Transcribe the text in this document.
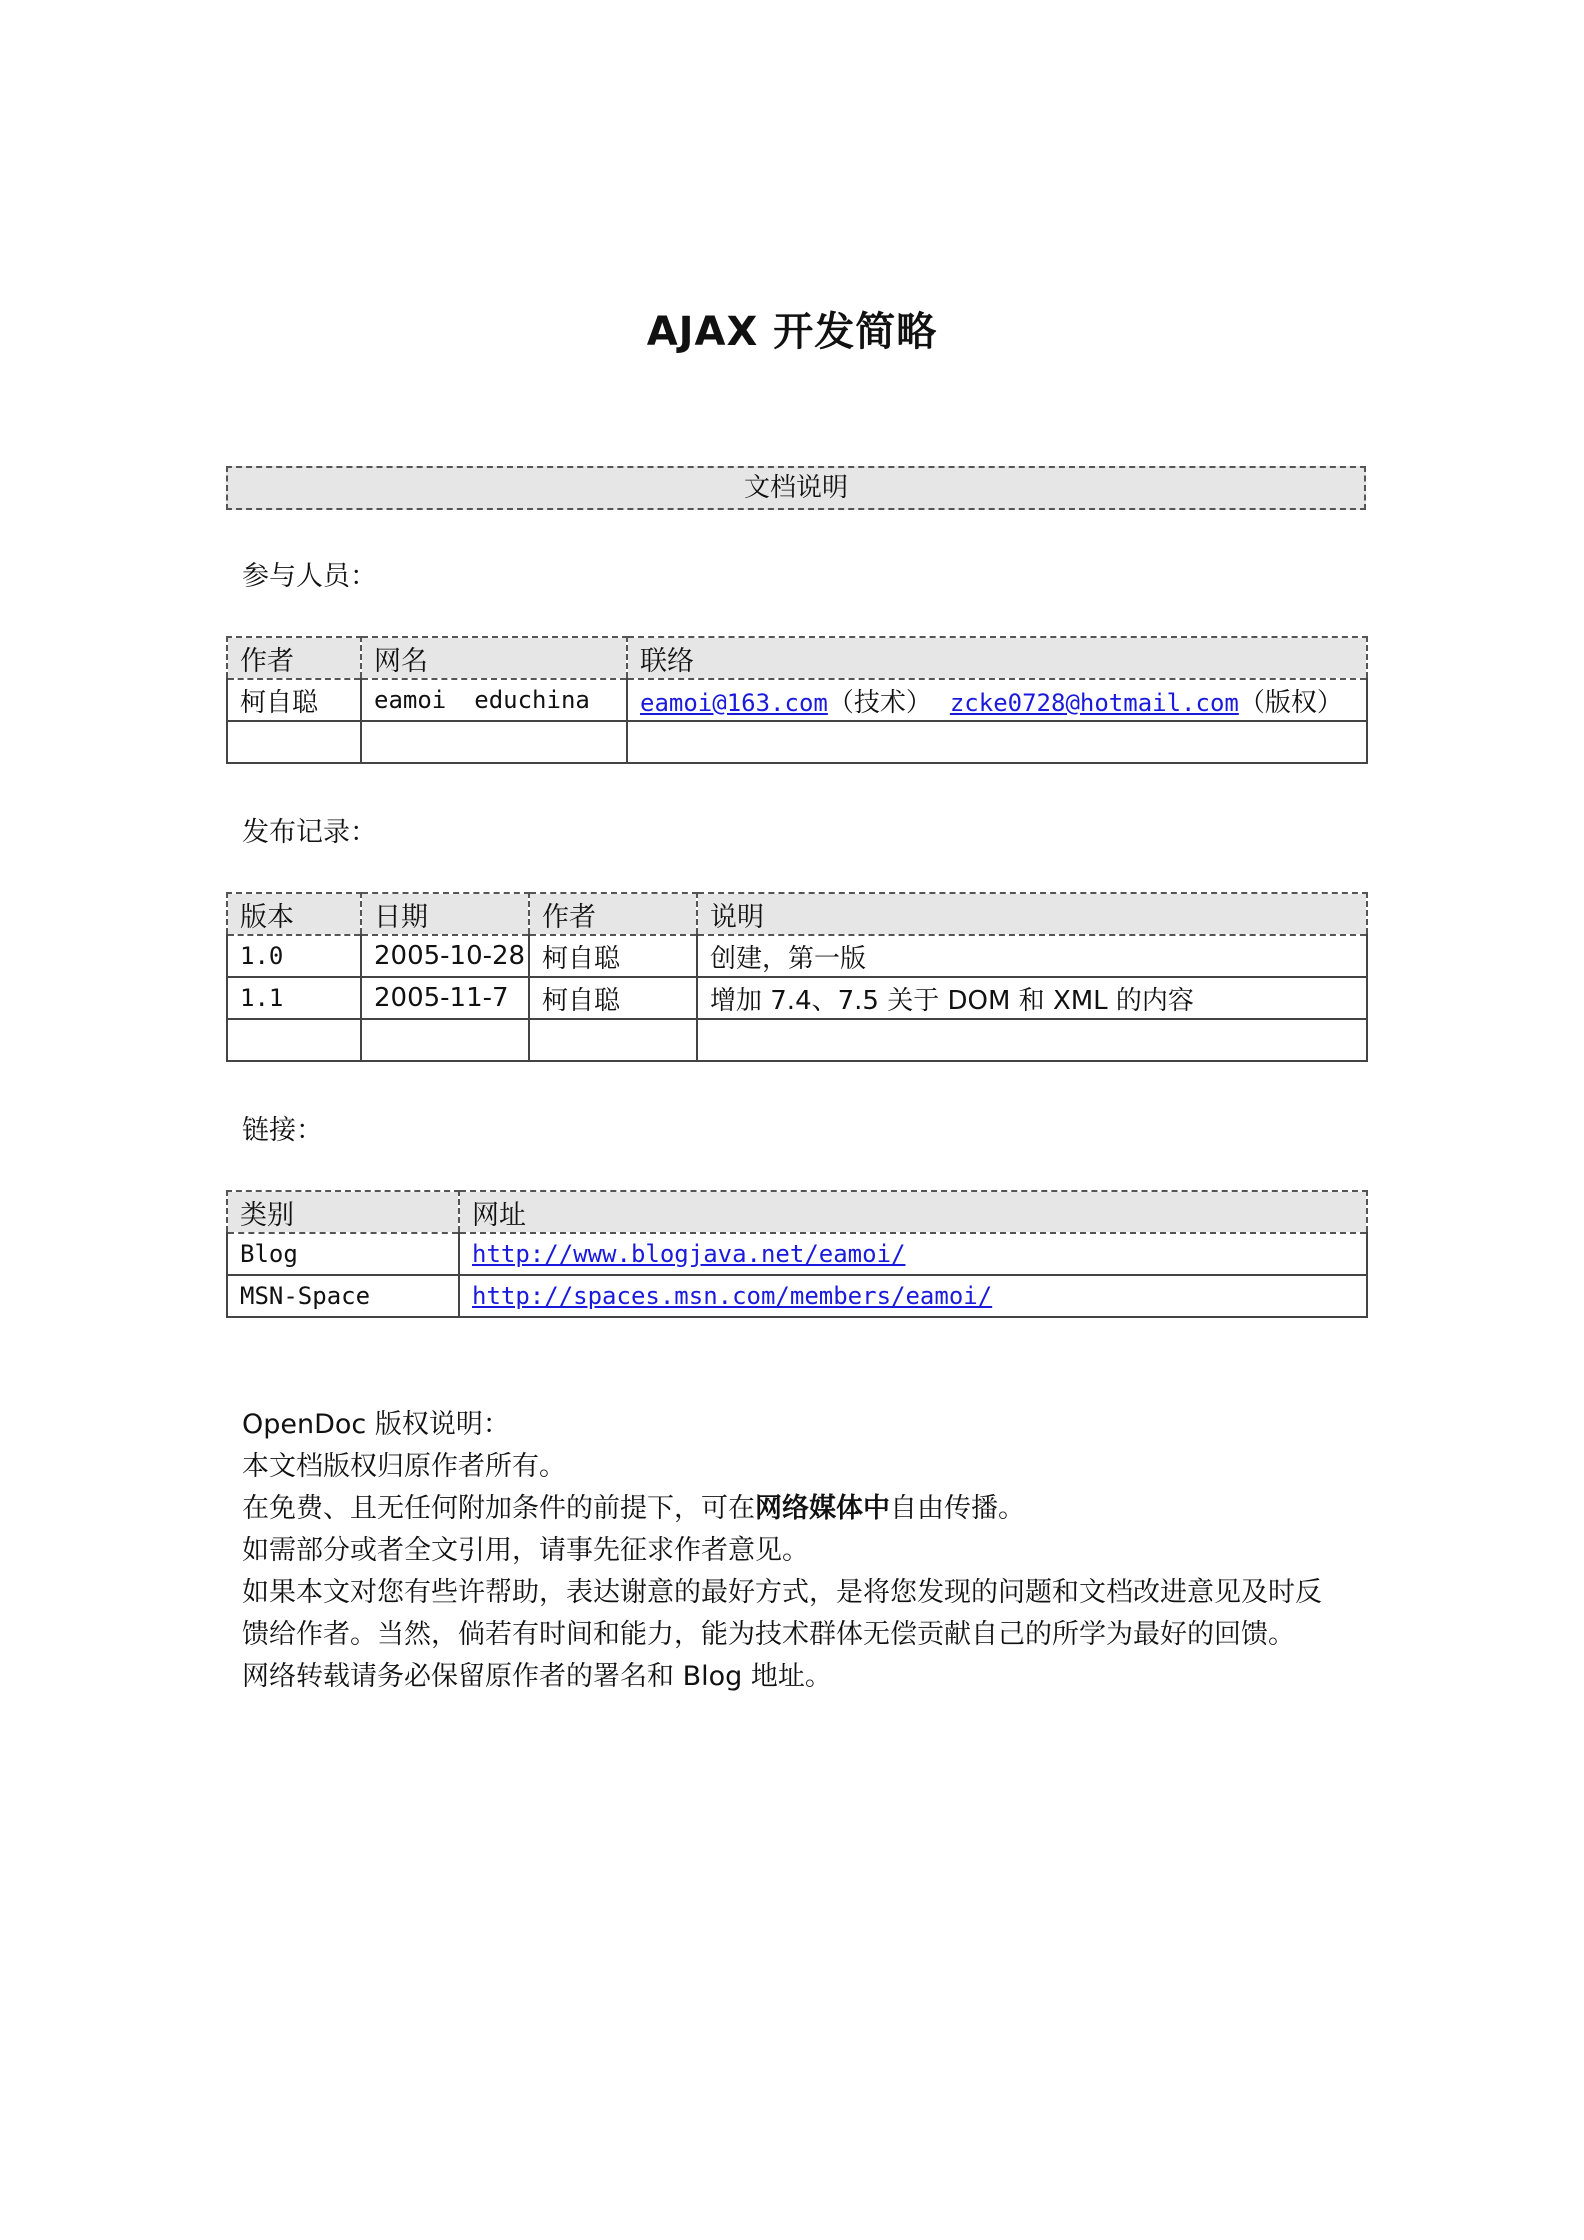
AJAX 开发简略
文档说明
参与人员：
作者	网名	联络
柯自聪	eamoi educhina	eamoi@163.com（技术） zcke0728@hotmail.com（版权）

发布记录：
版本	日期	作者	说明
1.0	2005-10-28	柯自聪	创建，第一版
1.1	2005-11-7	柯自聪	增加 7.4、7.5 关于 DOM 和 XML 的内容

链接：
类别	网址
Blog	http://www.blogjava.net/eamoi/
MSN-Space	http://spaces.msn.com/members/eamoi/

OpenDoc 版权说明：

本文档版权归原作者所有。

在免费、且无任何附加条件的前提下，可在网络媒体中自由传播。

如需部分或者全文引用，请事先征求作者意见。

如果本文对您有些许帮助，表达谢意的最好方式，是将您发现的问题和文档改进意见及时反

馈给作者。当然，倘若有时间和能力，能为技术群体无偿贡献自己的所学为最好的回馈。

网络转载请务必保留原作者的署名和 Blog 地址。
